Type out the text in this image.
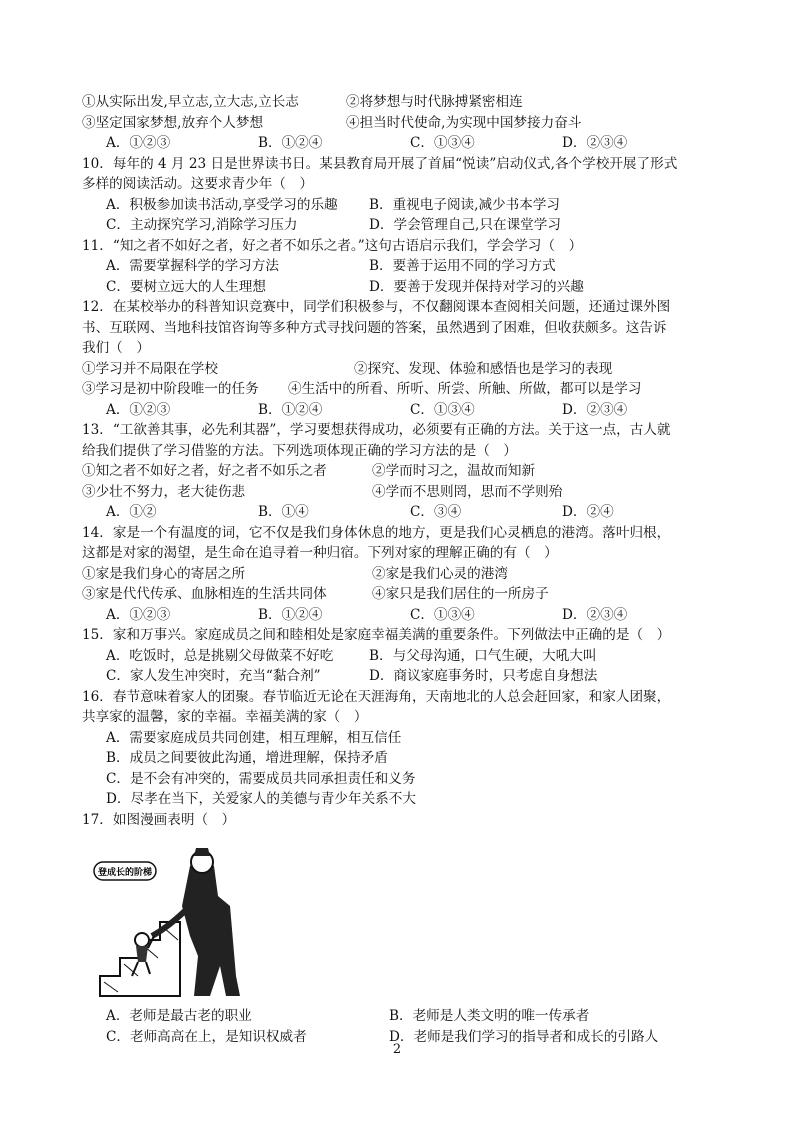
①从实际出发,早立志,立大志,立长志	②将梦想与时代脉搏紧密相连
③坚定国家梦想,放弃个人梦想	④担当时代使命,为实现中国梦接力奋斗
A．①②③	B．①②④	C．①③④	D．②③④
10．每年的 4 月 23 日是世界读书日。某县教育局开展了首届“悦读”启动仪式,各个学校开展了形式
多样的阅读活动。这要求青少年（　）
A．积极参加读书活动,享受学习的乐趣	B．重视电子阅读,减少书本学习
C．主动探究学习,消除学习压力	D．学会管理自己,只在课堂学习
11．“知之者不如好之者，好之者不如乐之者。”这句古语启示我们，学会学习（　）
A．需要掌握科学的学习方法	B．要善于运用不同的学习方式
C．要树立远大的人生理想	D．要善于发现并保持对学习的兴趣
12．在某校举办的科普知识竞赛中，同学们积极参与，不仅翻阅课本查阅相关问题，还通过课外图
书、互联网、当地科技馆咨询等多种方式寻找问题的答案，虽然遇到了困难，但收获颇多。这告诉
我们（　）
①学习并不局限在学校	②探究、发现、体验和感悟也是学习的表现
③学习是初中阶段唯一的任务	④生活中的所看、所听、所尝、所触、所做，都可以是学习
A．①②③	B．①②④	C．①③④	D．②③④
13．“工欲善其事，必先利其器”，学习要想获得成功，必须要有正确的方法。关于这一点，古人就
给我们提供了学习借鉴的方法。下列选项体现正确的学习方法的是（　）
①知之者不如好之者，好之者不如乐之者	②学而时习之，温故而知新
③少壮不努力，老大徒伤悲	④学而不思则罔，思而不学则殆
A．①②	B．①④	C．③④	D．②④
14．家是一个有温度的词，它不仅是我们身体休息的地方，更是我们心灵栖息的港湾。落叶归根，
这都是对家的渴望，是生命在追寻着一种归宿。下列对家的理解正确的有（　）
①家是我们身心的寄居之所	②家是我们心灵的港湾
③家是代代传承、血脉相连的生活共同体	④家只是我们居住的一所房子
A．①②③	B．①②④	C．①③④	D．②③④
15．家和万事兴。家庭成员之间和睦相处是家庭幸福美满的重要条件。下列做法中正确的是（　）
A．吃饭时，总是挑剔父母做菜不好吃	B．与父母沟通，口气生硬，大吼大叫
C．家人发生冲突时，充当“黏合剂”	D．商议家庭事务时，只考虑自身想法
16．春节意味着家人的团聚。春节临近无论在天涯海角，天南地北的人总会赶回家，和家人团聚，
共享家的温馨，家的幸福。幸福美满的家（　）
A．需要家庭成员共同创建，相互理解，相互信任
B．成员之间要彼此沟通，增进理解，保持矛盾
C．是不会有冲突的，需要成员共同承担责任和义务
D．尽孝在当下，关爱家人的美德与青少年关系不大
17．如图漫画表明（　）
登成长的阶梯
A．老师是最古老的职业	B．老师是人类文明的唯一传承者
C．老师高高在上，是知识权威者	D．老师是我们学习的指导者和成长的引路人
2
